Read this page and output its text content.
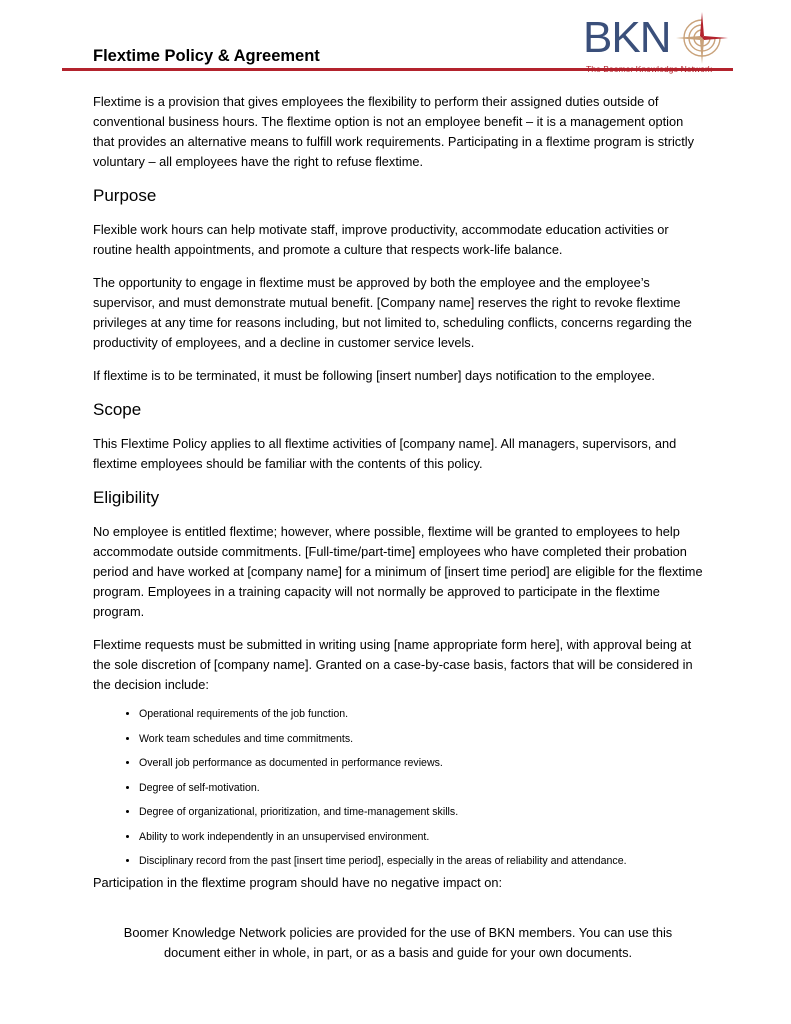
Flextime Policy & Agreement	BKN
The Boomer Knowledge Network

Flextime is a provision that gives employees the flexibility to perform their assigned duties outside of conventional business hours. The flextime option is not an employee benefit – it is a management option that provides an alternative means to fulfill work requirements. Participating in a flextime program is strictly voluntary – all employees have the right to refuse flextime.

Purpose

Flexible work hours can help motivate staff, improve productivity, accommodate education activities or routine health appointments, and promote a culture that respects work-life balance.

The opportunity to engage in flextime must be approved by both the employee and the employee’s supervisor, and must demonstrate mutual benefit. [Company name] reserves the right to revoke flextime privileges at any time for reasons including, but not limited to, scheduling conflicts, concerns regarding the productivity of employees, and a decline in customer service levels.

If flextime is to be terminated, it must be following [insert number] days notification to the employee.

Scope

This Flextime Policy applies to all flextime activities of [company name]. All managers, supervisors, and flextime employees should be familiar with the contents of this policy.

Eligibility

No employee is entitled flextime; however, where possible, flextime will be granted to employees to help accommodate outside commitments. [Full-time/part-time] employees who have completed their probation period and have worked at [company name] for a minimum of [insert time period] are eligible for the flextime program. Employees in a training capacity will not normally be approved to participate in the flextime program.

Flextime requests must be submitted in writing using [name appropriate form here], with approval being at the sole discretion of [company name]. Granted on a case-by-case basis, factors that will be considered in the decision include:

• Operational requirements of the job function.
• Work team schedules and time commitments.
• Overall job performance as documented in performance reviews.
• Degree of self-motivation.
• Degree of organizational, prioritization, and time-management skills.
• Ability to work independently in an unsupervised environment.
• Disciplinary record from the past [insert time period], especially in the areas of reliability and attendance.

Participation in the flextime program should have no negative impact on:

Boomer Knowledge Network policies are provided for the use of BKN members. You can use this
document either in whole, in part, or as a basis and guide for your own documents.
